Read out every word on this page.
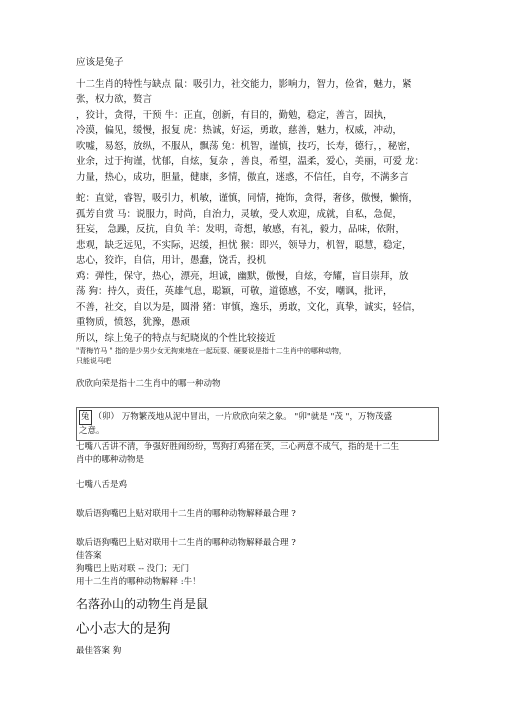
应该是兔子
十二生肖的特性与缺点 鼠：吸引力，社交能力，影响力，智力，俭省，魅力，紧
张，权力欲，赘言
，狡计，贪得，干预 牛：正直，创新，有目的，勤勉，稳定，善言，固执，
冷漠，偏见，缓慢，报复 虎：热诚，好运，勇敢，慈善，魅力，权威，冲动，
吹嘘，易怒，放纵，不服从，飘荡 兔：机智，谨慎，技巧，长寿，德行，，秘密，
业余，过于拘谨，忧郁，自炫，复杂 ，善良，希望，温柔，爱心，美丽，可爱 龙：
力量，热心，成功，胆量，健康，多情，傲直，迷惑，不信任，自夸，不满多言
蛇：直觉，睿智，吸引力，机敏，谨慎，同情，掩饰，贪得，奢侈，傲慢，懒惰，
孤芳自赏 马：说服力，时尚，自治力，灵敏，受人欢迎，成就，自私，急促，
狂妄， 急躁，反抗，自负 羊：发明，奇想，敏感，有礼，毅力，品味，依附，
悲观，缺乏远见，不实际，迟缓，担忧 猴：即兴，领导力，机智，聪慧，稳定，
忠心，狡诈，自信，用计，愚蠢，饶舌，投机
鸡：弹性，保守，热心，漂亮，坦诚，幽默，傲慢，自炫，夸耀，盲目崇拜，放
荡 狗：持久，责任，英雄气息，聪颖，可敬，道德感，不安，嘲讽，批评，
不善，社交，自以为是，圆滑 猪：审慎，逸乐，勇敢，文化，真挚，诚实，轻信，
重物质，愤怒，犹豫，愚顽
所以，综上兔子的特点与纪晓岚的个性比较接近
"青梅竹马 " 指的是少男少女无拘束地在一起玩耍、硬要说是指十二生肖中的哪种动物，
只能说马吧
欣欣向荣是指十二生肖中的哪一种动物
兔 （卯） 万物繁茂地从泥中冒出，一片欣欣向荣之象。 "卯"就是 "茂 "，万物茂盛
之意。
七嘴八舌讲不清，争强好胜闹纷纷，骂狗打鸡猪在笑，三心两意不成气，指的是十二生
肖中的哪种动物是
七嘴八舌是鸡
歇后语狗嘴巴上贴对联用十二生肖的哪种动物解释最合理 ?
歇后语狗嘴巴上贴对联用十二生肖的哪种动物解释最合理 ?
佳答案
狗嘴巴上贴对联 -- 没门；无门
用十二生肖的哪种动物解释 :牛！
名落孙山的动物生肖是鼠
心小志大的是狗
最佳答案 狗
